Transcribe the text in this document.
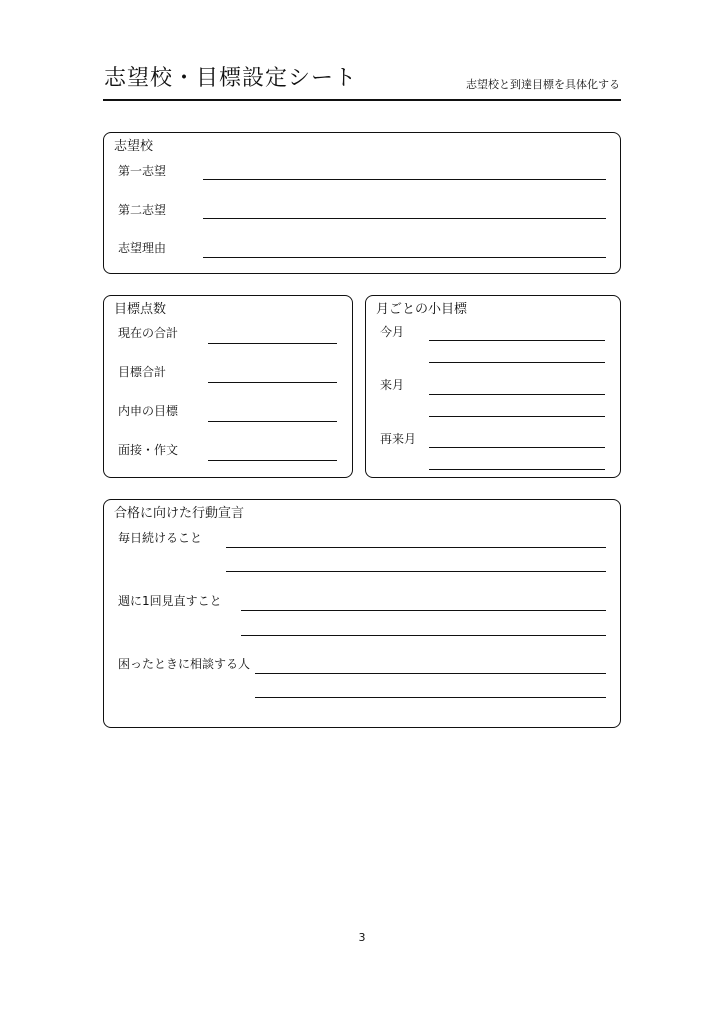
志望校・目標設定シート	志望校と到達目標を具体化する
志望校
第一志望
第二志望
志望理由
目標点数
現在の合計
目標合計
内申の目標
面接・作文
月ごとの小目標
今月
来月
再来月
合格に向けた行動宣言
毎日続けること
週に1回見直すこと
困ったときに相談する人
3
